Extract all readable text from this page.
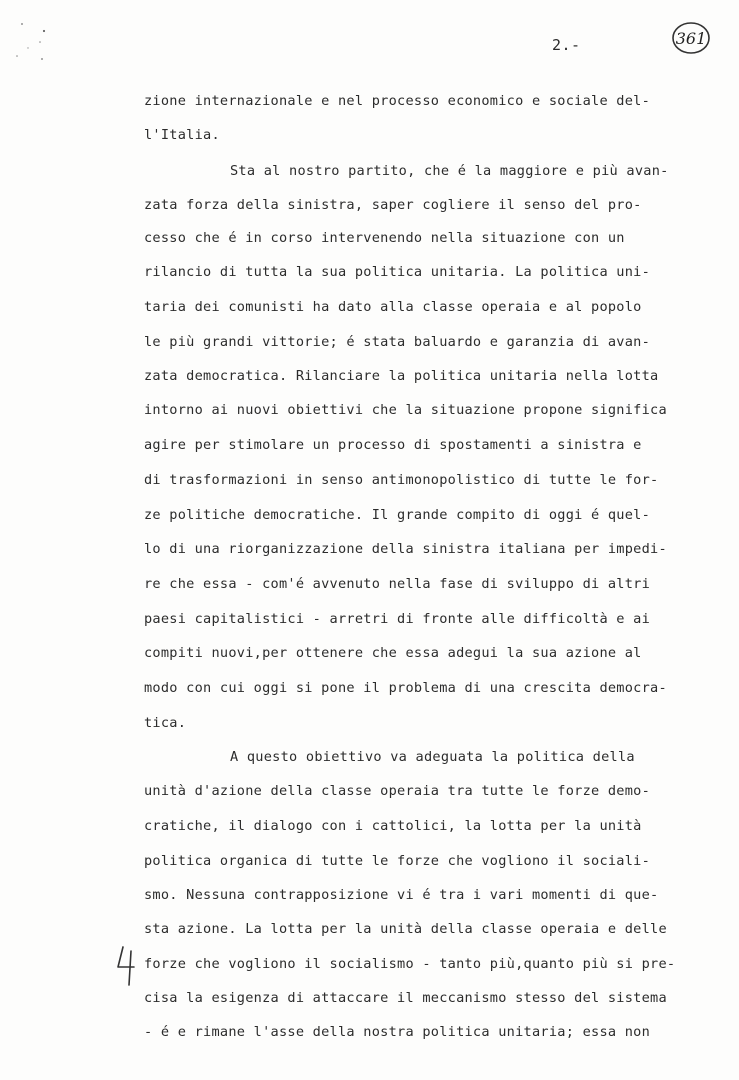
2.-	361
zione internazionale e nel processo economico e sociale del-
l'Italia.
Sta al nostro partito, che é la maggiore e più avan-
zata forza della sinistra, saper cogliere il senso del pro-
cesso che é in corso intervenendo nella situazione con un
rilancio di tutta la sua politica unitaria. La politica uni-
taria dei comunisti ha dato alla classe operaia e al popolo
le più grandi vittorie; é stata baluardo e garanzia di avan-
zata democratica. Rilanciare la politica unitaria nella lotta
intorno ai nuovi obiettivi che la situazione propone significa
agire per stimolare un processo di spostamenti a sinistra e
di trasformazioni in senso antimonopolistico di tutte le for-
ze politiche democratiche. Il grande compito di oggi é quel-
lo di una riorganizzazione della sinistra italiana per impedi-
re che essa - com'é avvenuto nella fase di sviluppo di altri
paesi capitalistici - arretri di fronte alle difficoltà e ai
compiti nuovi,per ottenere che essa adegui la sua azione al
modo con cui oggi si pone il problema di una crescita democra-
tica.
A questo obiettivo va adeguata la politica della
unità d'azione della classe operaia tra tutte le forze demo-
cratiche, il dialogo con i cattolici, la lotta per la unità
politica organica di tutte le forze che vogliono il sociali-
smo. Nessuna contrapposizione vi é tra i vari momenti di que-
sta azione. La lotta per la unità della classe operaia e delle
forze che vogliono il socialismo - tanto più,quanto più si pre-
cisa la esigenza di attaccare il meccanismo stesso del sistema
- é e rimane l'asse della nostra politica unitaria; essa non
